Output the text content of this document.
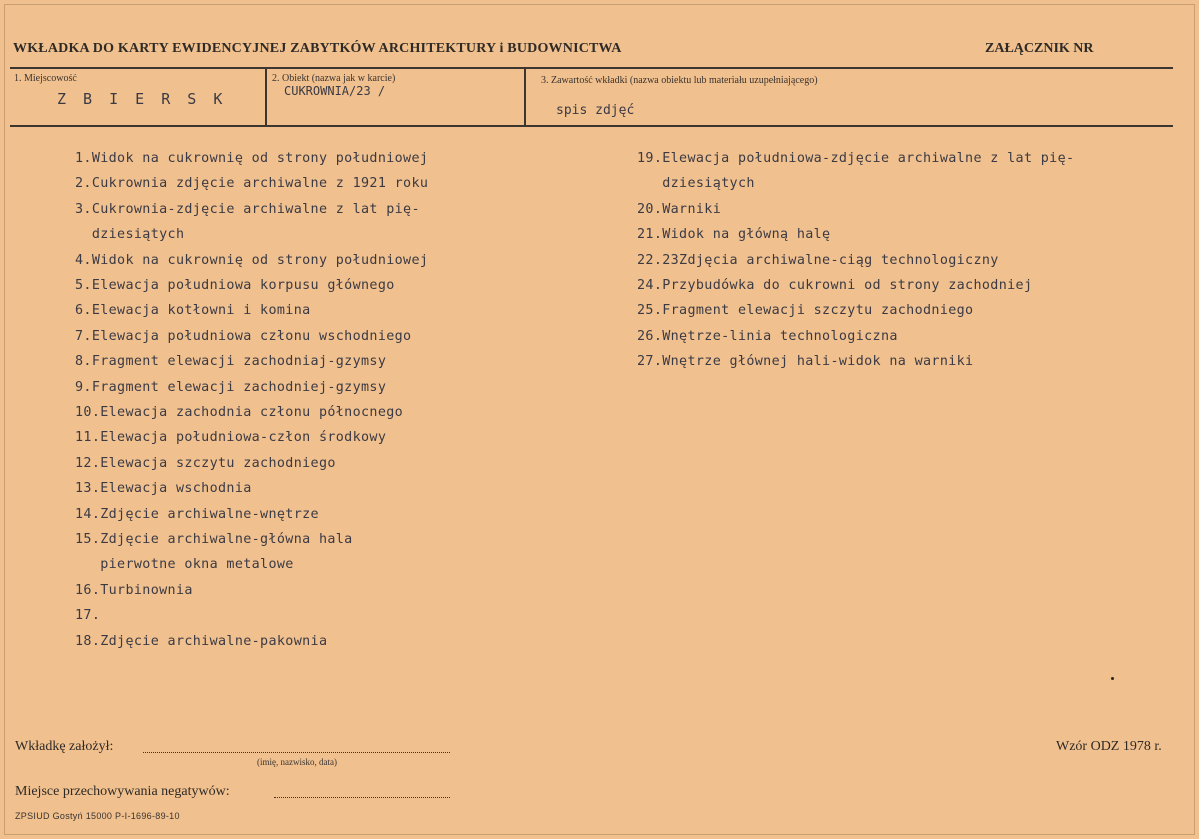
WKŁADKA DO KARTY EWIDENCYJNEJ ZABYTKÓW ARCHITEKTURY i BUDOWNICTWA	ZAŁĄCZNIK NR
1. Miejscowość
Z B I E R S K
2. Obiekt (nazwa jak w karcie)
CUKROWNIA/23 /
3. Zawartość wkładki (nazwa obiektu lub materiału uzupełniającego)
spis zdjęć
1.Widok na cukrownię od strony południowej
2.Cukrownia zdjęcie archiwalne z 1921 roku
3.Cukrownia-zdjęcie archiwalne z lat pię-
dziesiątych
4.Widok na cukrownię od strony południowej
5.Elewacja południowa korpusu głównego
6.Elewacja kotłowni i komina
7.Elewacja południowa członu wschodniego
8.Fragment elewacji zachodniaj-gzymsy
9.Fragment elewacji zachodniej-gzymsy
10.Elewacja zachodnia członu północnego
11.Elewacja południowa-człon środkowy
12.Elewacja szczytu zachodniego
13.Elewacja wschodnia
14.Zdjęcie archiwalne-wnętrze
15.Zdjęcie archiwalne-główna hala
pierwotne okna metalowe
16.Turbinownia
17.
18.Zdjęcie archiwalne-pakownia
19.Elewacja południowa-zdjęcie archiwalne z lat pię-
dziesiątych
20.Warniki
21.Widok na główną halę
22.23Zdjęcia archiwalne-ciąg technologiczny
24.Przybudówka do cukrowni od strony zachodniej
25.Fragment elewacji szczytu zachodniego
26.Wnętrze-linia technologiczna
27.Wnętrze głównej hali-widok na warniki
Wkładkę założył:
(imię, nazwisko, data)
Wzór ODZ 1978 r.
Miejsce przechowywania negatywów:
ZPSIUD Gostyń 15000 P-I-1696-89-10
